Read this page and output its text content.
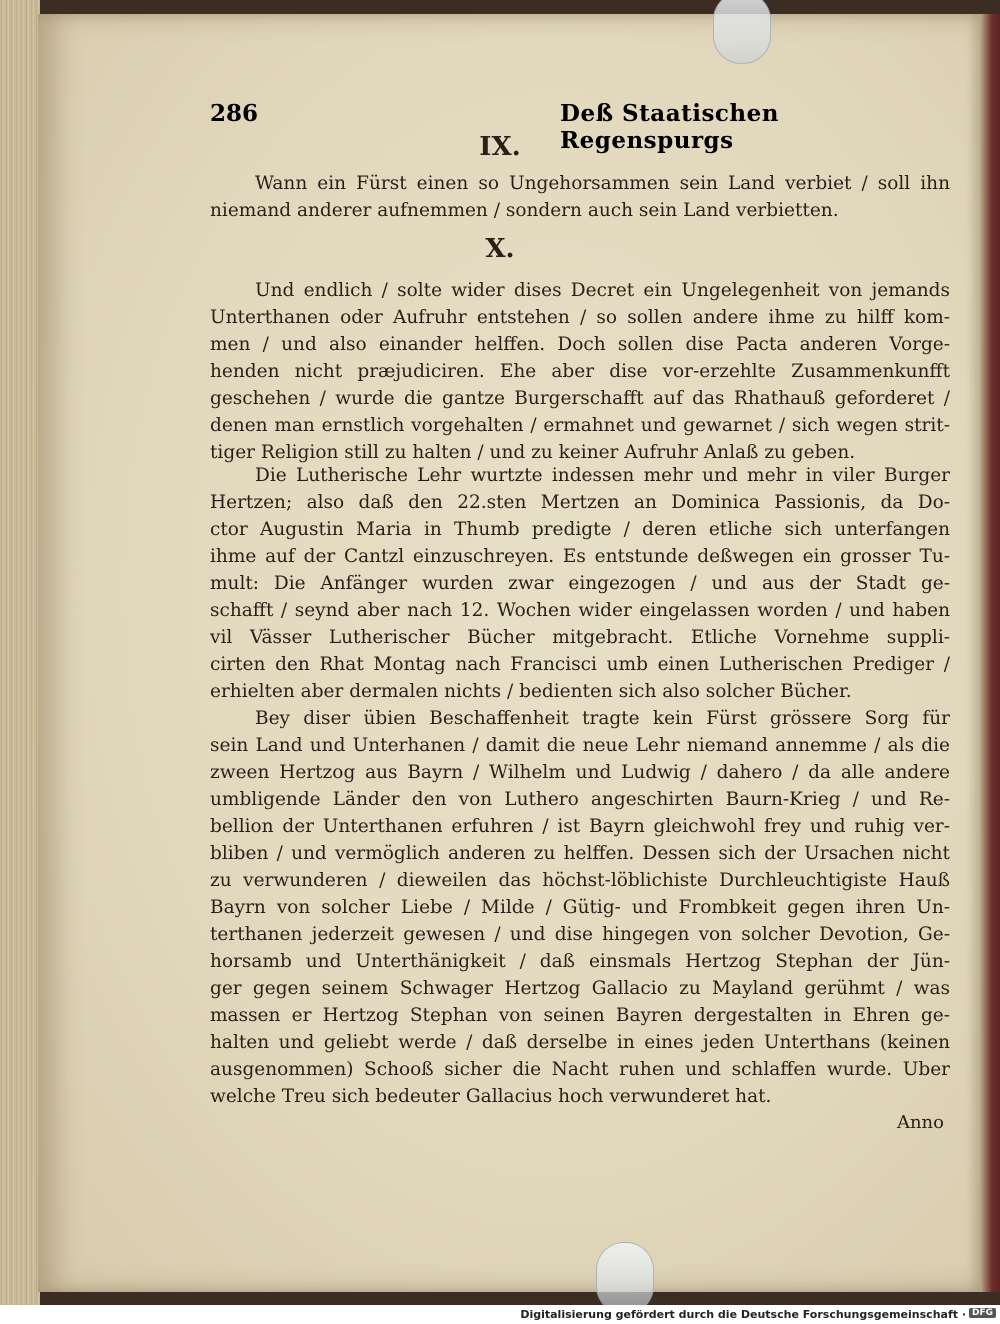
286	Deß Staatischen Regenspurgs
IX.
Wann ein Fürst einen so Ungehorsammen sein Land verbiet / soll ihn
niemand anderer aufnemmen / sondern auch sein Land verbietten.
X.
Und endlich / solte wider dises Decret ein Ungelegenheit von jemands
Unterthanen oder Aufruhr entstehen / so sollen andere ihme zu hilff kom-
men / und also einander helffen. Doch sollen dise Pacta anderen Vorge-
henden nicht præjudiciren. Ehe aber dise vor-erzehlte Zusammenkunfft
geschehen / wurde die gantze Burgerschafft auf das Rhathauß geforderet /
denen man ernstlich vorgehalten / ermahnet und gewarnet / sich wegen strit-
tiger Religion still zu halten / und zu keiner Aufruhr Anlaß zu geben.
Die Lutherische Lehr wurtzte indessen mehr und mehr in viler Burger
Hertzen; also daß den 22.sten Mertzen an Dominica Passionis, da Do-
ctor Augustin Maria in Thumb predigte / deren etliche sich unterfangen
ihme auf der Cantzl einzuschreyen. Es entstunde deßwegen ein grosser Tu-
mult: Die Anfänger wurden zwar eingezogen / und aus der Stadt ge-
schafft / seynd aber nach 12. Wochen wider eingelassen worden / und haben
vil Vässer Lutherischer Bücher mitgebracht. Etliche Vornehme suppli-
cirten den Rhat Montag nach Francisci umb einen Lutherischen Prediger /
erhielten aber dermalen nichts / bedienten sich also solcher Bücher.
Bey diser übien Beschaffenheit tragte kein Fürst grössere Sorg für
sein Land und Unterhanen / damit die neue Lehr niemand annemme / als die
zween Hertzog aus Bayrn / Wilhelm und Ludwig / dahero / da alle andere
umbligende Länder den von Luthero angeschirten Baurn-Krieg / und Re-
bellion der Unterthanen erfuhren / ist Bayrn gleichwohl frey und ruhig ver-
bliben / und vermöglich anderen zu helffen. Dessen sich der Ursachen nicht
zu verwunderen / dieweilen das höchst-löblichiste Durchleuchtigiste Hauß
Bayrn von solcher Liebe / Milde / Gütig- und Frombkeit gegen ihren Un-
terthanen jederzeit gewesen / und dise hingegen von solcher Devotion, Ge-
horsamb und Unterthänigkeit / daß einsmals Hertzog Stephan der Jün-
ger gegen seinem Schwager Hertzog Gallacio zu Mayland gerühmt / was
massen er Hertzog Stephan von seinen Bayren dergestalten in Ehren ge-
halten und geliebt werde / daß derselbe in eines jeden Unterthans (keinen
ausgenommen) Schooß sicher die Nacht ruhen und schlaffen wurde. Uber
welche Treu sich bedeuter Gallacius hoch verwunderet hat.
Anno
Digitalisierung gefördert durch die Deutsche Forschungsgemeinschaft · DFG
